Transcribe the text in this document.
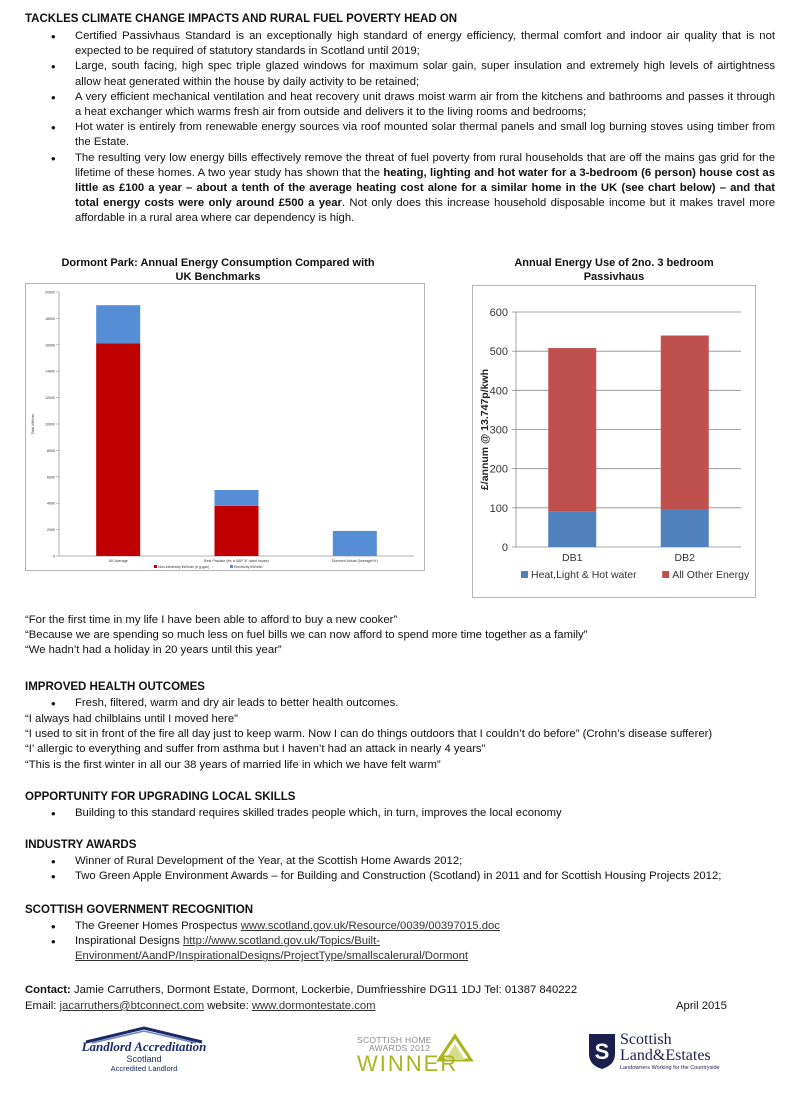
TACKLES CLIMATE CHANGE IMPACTS AND RURAL FUEL POVERTY HEAD ON
• Certified Passivhaus Standard is an exceptionally high standard of energy efficiency, thermal comfort and indoor air quality that is not expected to be required of statutory standards in Scotland until 2019;
• Large, south facing, high spec triple glazed windows for maximum solar gain, super insulation and extremely high levels of airtightness allow heat generated within the house by daily activity to be retained;
• A very efficient mechanical ventilation and heat recovery unit draws moist warm air from the kitchens and bathrooms and passes it through a heat exchanger which warms fresh air from outside and delivers it to the living rooms and bedrooms;
• Hot water is entirely from renewable energy sources via roof mounted solar thermal panels and small log burning stoves using timber from the Estate.
• The resulting very low energy bills effectively remove the threat of fuel poverty from rural households that are off the mains gas grid for the lifetime of these homes. A two year study has shown that the heating, lighting and hot water for a 3-bedroom (6 person) house cost as little as £100 a year – about a tenth of the average heating cost alone for a similar home in the UK (see chart below) – and that total energy costs were only around £500 a year. Not only does this increase household disposable income but it makes travel more affordable in a rural area where car dependency is high.
Dormont Park: Annual Energy Consumption Compared with UK Benchmarks
0
2000
4000
6000
8000
10000
12000
14000
16000
18000
20000
Total kWh/an
UK Average	Best Practice (for a SAP 'A' rated house)	Dormont Actual (Average/Yr)
Non-electricity kWh/an (e.g.gas)	Electricity kWh/an
Annual Energy Use of 2no. 3 bedroom Passivhaus
0
100
200
300
400
500
600
£/annum @ 13.747p/kwh
DB1	DB2
Heat,Light & Hot water	All Other Energy
“For the first time in my life I have been able to afford to buy a new cooker”
“Because we are spending so much less on fuel bills we can now afford to spend more time together as a family”
“We hadn’t had a holiday in 20 years until this year”
IMPROVED HEALTH OUTCOMES
• Fresh, filtered, warm and dry air leads to better health outcomes.
“I always had chilblains until I moved here”
“I used to sit in front of the fire all day just to keep warm. Now I can do things outdoors that I couldn’t do before” (Crohn’s disease sufferer)
“I’ allergic to everything and suffer from asthma but I haven’t had an attack in nearly 4 years”
“This is the first winter in all our 38 years of married life in which we have felt warm”
OPPORTUNITY FOR UPGRADING LOCAL SKILLS
• Building to this standard requires skilled trades people which, in turn, improves the local economy
INDUSTRY AWARDS
• Winner of Rural Development of the Year, at the Scottish Home Awards 2012;
• Two Green Apple Environment Awards – for Building and Construction (Scotland) in 2011 and for Scottish Housing Projects 2012;
SCOTTISH GOVERNMENT RECOGNITION
• The Greener Homes Prospectus www.scotland.gov.uk/Resource/0039/00397015.doc
• Inspirational Designs http://www.scotland.gov.uk/Topics/Built-
Environment/AandP/InspirationalDesigns/ProjectType/smallscalerural/Dormont
Contact: Jamie Carruthers, Dormont Estate, Dormont, Lockerbie, Dumfriesshire DG11 1DJ Tel: 01387 840222
Email: jacarruthers@btconnect.com website: www.dormontestate.com	April 2015
Landlord Accreditation
Scotland
Accredited Landlord
SCOTTISH HOME
AWARDS 2012
WINNER	S Scottish
Land&Estates
Landowners Working for the Countryside
